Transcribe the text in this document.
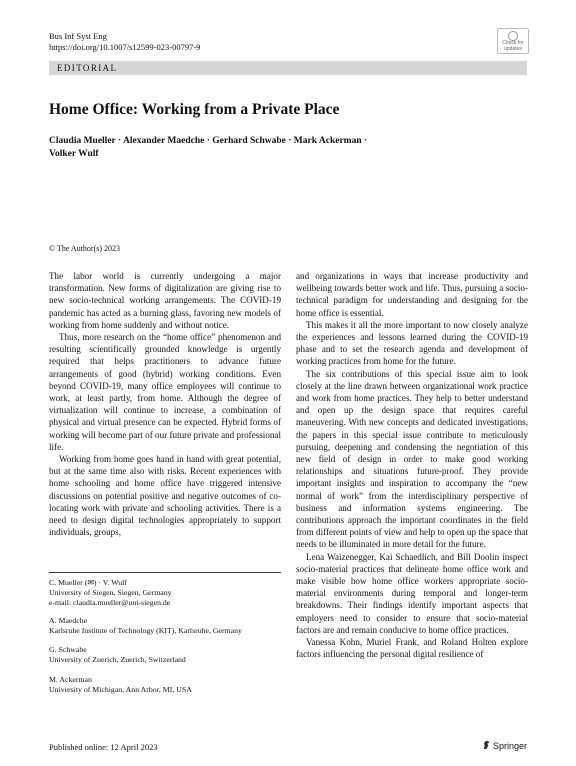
Bus Inf Syst Eng
https://doi.org/10.1007/s12599-023-00797-9	Check for
updates
EDITORIAL
Home Office: Working from a Private Place
Claudia Mueller · Alexander Maedche · Gerhard Schwabe · Mark Ackerman ·
Volker Wulf
© The Author(s) 2023

The labor world is currently undergoing a major transformation. New forms of digitalization are giving rise to new socio-technical working arrangements. The COVID-19 pandemic has acted as a burning glass, favoring new models of working from home suddenly and without notice.

Thus, more research on the “home office” phenomenon and resulting scientifically grounded knowledge is urgently required that helps practitioners to advance future arrangements of good (hybrid) working conditions. Even beyond COVID-19, many office employees will continue to work, at least partly, from home. Although the degree of virtualization will continue to increase, a combination of physical and virtual presence can be expected. Hybrid forms of working will become part of our future private and professional life.

Working from home goes hand in hand with great potential, but at the same time also with risks. Recent experiences with home schooling and home office have triggered intensive discussions on potential positive and negative outcomes of co-locating work with private and schooling activities. There is a need to design digital technologies appropriately to support individuals, groups,

and organizations in ways that increase productivity and wellbeing towards better work and life. Thus, pursuing a socio-technical paradigm for understanding and designing for the home office is essential.

This makes it all the more important to now closely analyze the experiences and lessons learned during the COVID-19 phase and to set the research agenda and development of working practices from home for the future.

The six contributions of this special issue aim to look closely at the line drawn between organizational work practice and work from home practices. They help to better understand and open up the design space that requires careful maneuvering. With new concepts and dedicated investigations, the papers in this special issue contribute to meticulously pursuing, deepening and condensing the negotiation of this new field of design in order to make good working relationships and situations future-proof. They provide important insights and inspiration to accompany the “new normal of work” from the interdisciplinary perspective of business and information systems engineering. The contributions approach the important coordinates in the field from different points of view and help to open up the space that needs to be illuminated in more detail for the future.

Lena Waizenegger, Kai Schaedlich, and Bill Doolin inspect socio-material practices that delineate home office work and make visible how home office workers appropriate socio-material environments during temporal and longer-term breakdowns. Their findings identify important aspects that employers need to consider to ensure that socio-material factors are and remain conducive to home office practices.

Vanessa Kohn, Muriel Frank, and Roland Holten explore factors influencing the personal digital resilience of

C. Mueller (✉) · V. Wulf
University of Siegen, Siegen, Germany
e-mail: claudia.mueller@uni-siegen.de
A. Maedche
Karlsruhe Institute of Technology (KIT), Karlsruhe, Germany
G. Schwabe
University of Zuerich, Zuerich, Switzerland
M. Ackerman
University of Michigan, Ann Arbor, MI, USA
Published online: 12 April 2023	Springer
